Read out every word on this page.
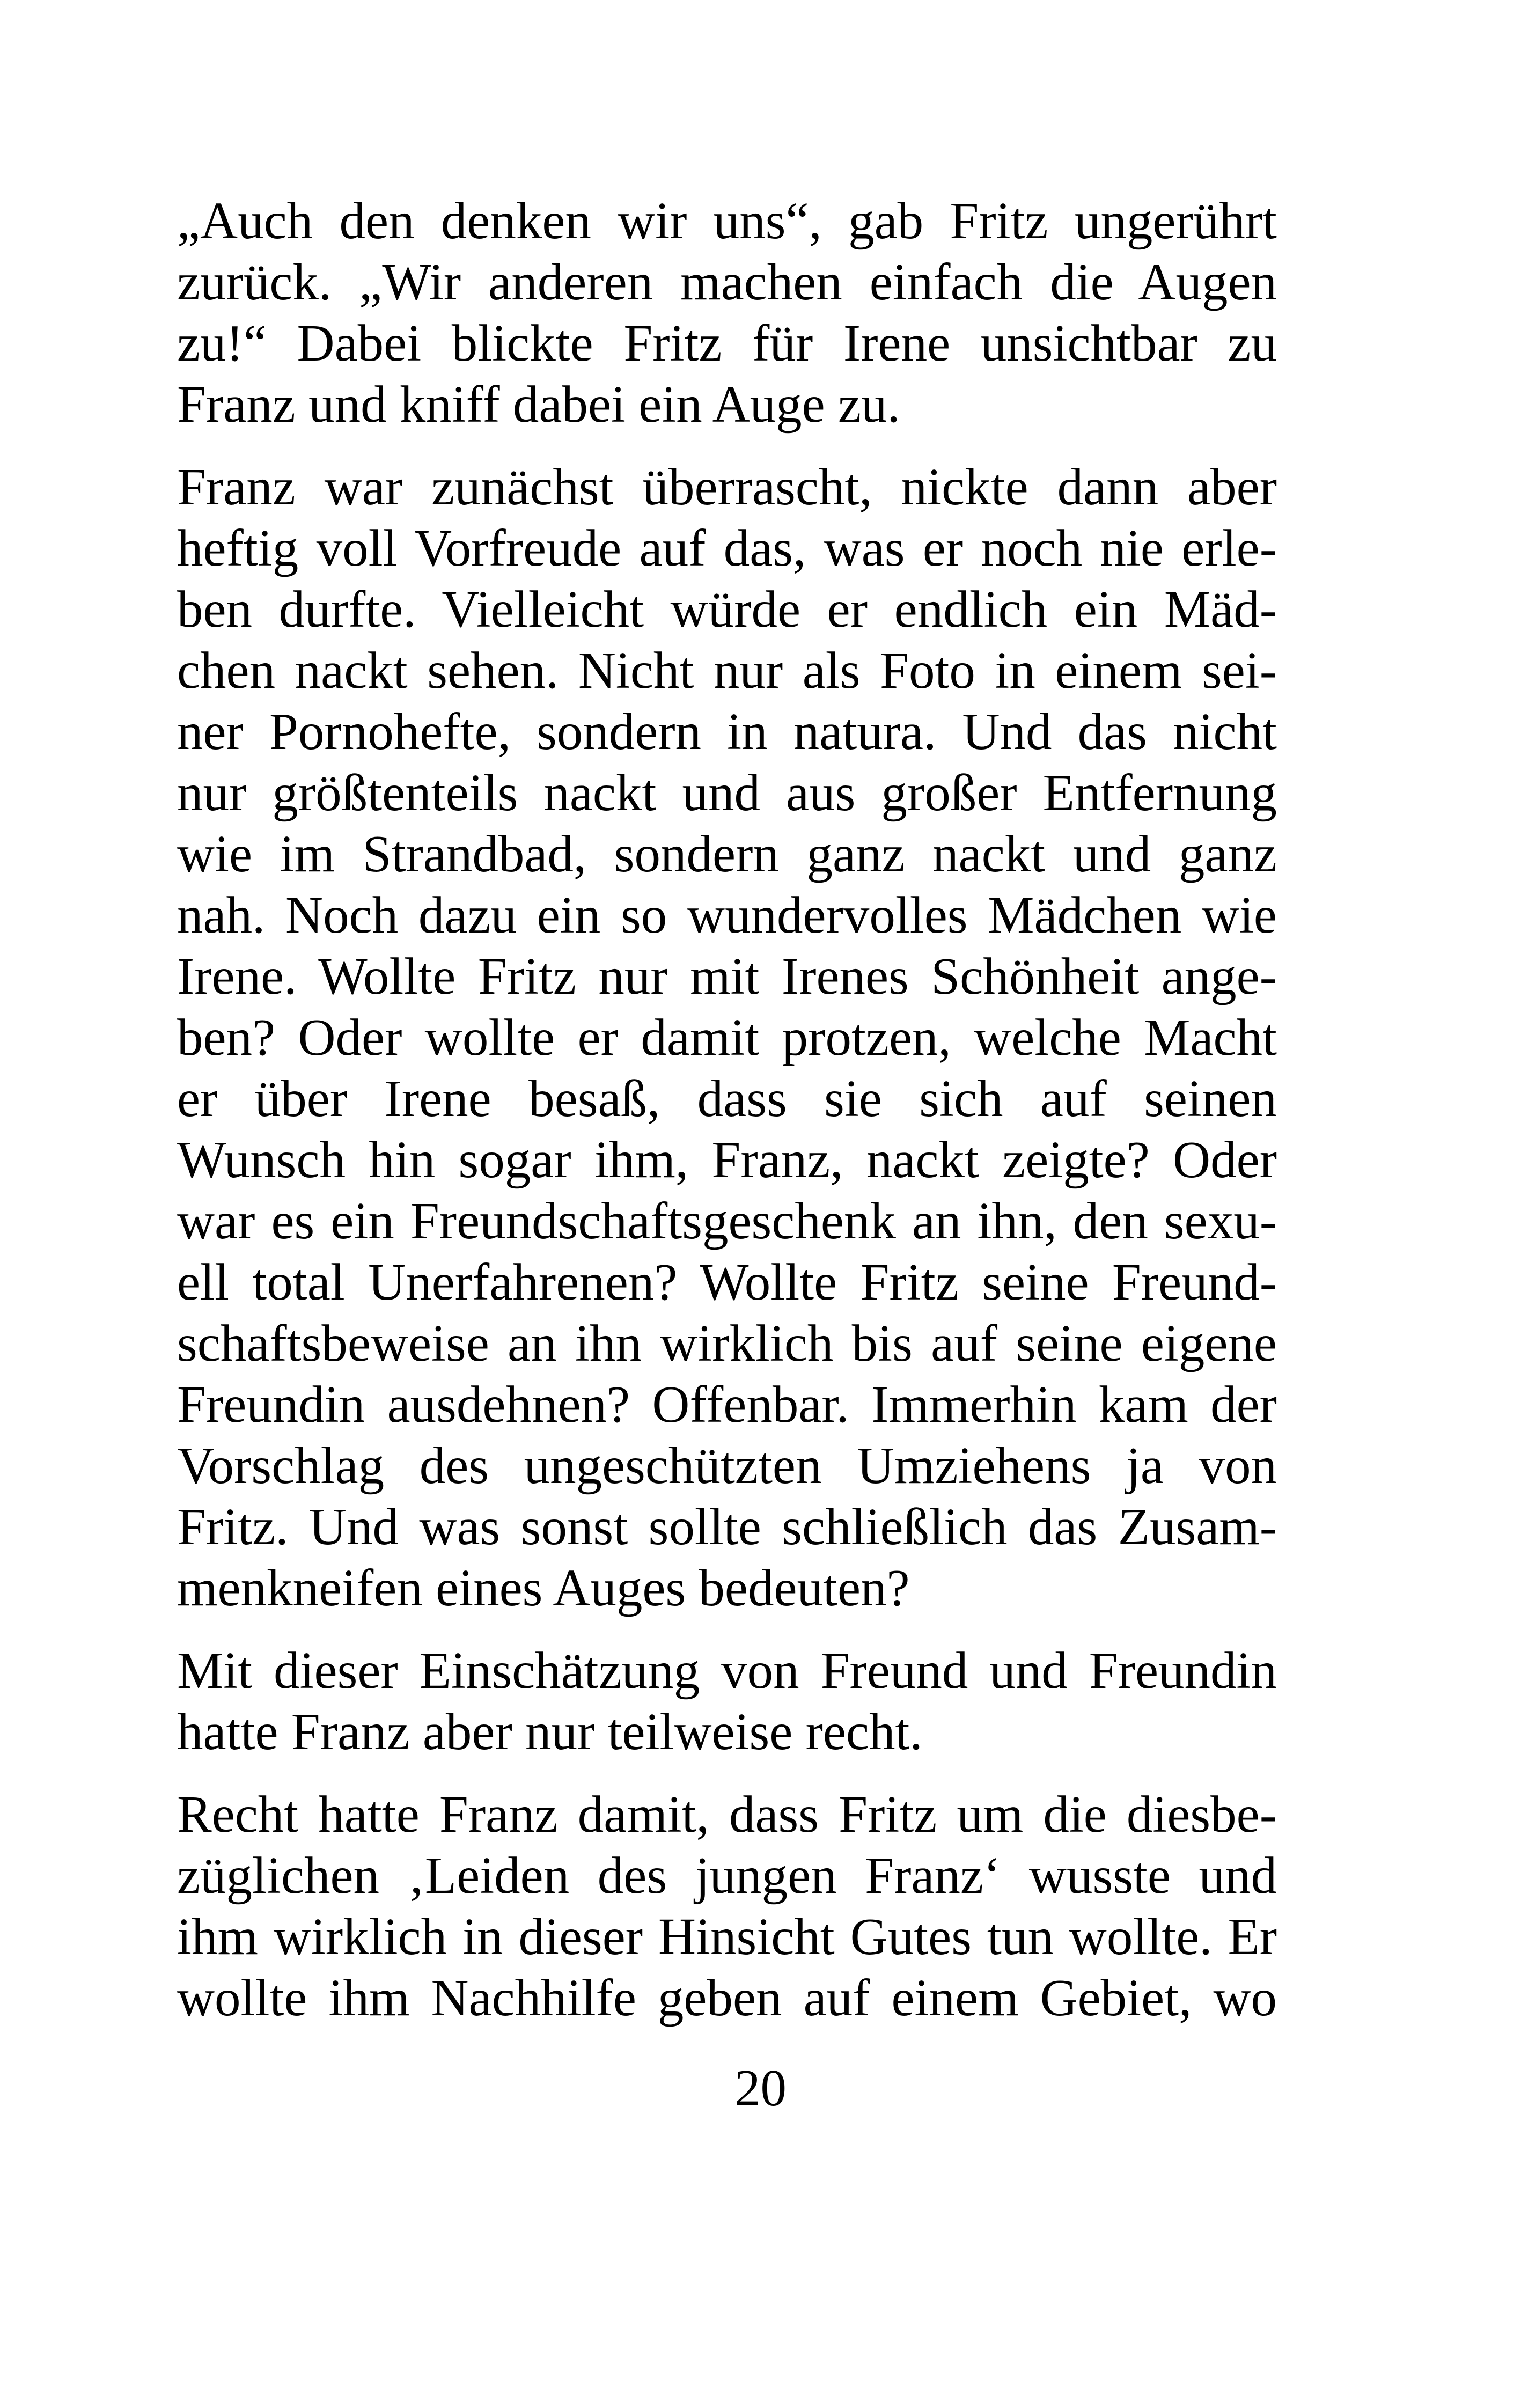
„Auch den denken wir uns“, gab Fritz ungerührt
zurück. „Wir anderen machen einfach die Augen
zu!“ Dabei blickte Fritz für Irene unsichtbar zu
Franz und kniff dabei ein Auge zu.
Franz war zunächst überrascht, nickte dann aber
heftig voll Vorfreude auf das, was er noch nie erle-
ben durfte. Vielleicht würde er endlich ein Mäd-
chen nackt sehen. Nicht nur als Foto in einem sei-
ner Pornohefte, sondern in natura. Und das nicht
nur größtenteils nackt und aus großer Entfernung
wie im Strandbad, sondern ganz nackt und ganz
nah. Noch dazu ein so wundervolles Mädchen wie
Irene. Wollte Fritz nur mit Irenes Schönheit ange-
ben? Oder wollte er damit protzen, welche Macht
er über Irene besaß, dass sie sich auf seinen
Wunsch hin sogar ihm, Franz, nackt zeigte? Oder
war es ein Freundschaftsgeschenk an ihn, den sexu-
ell total Unerfahrenen? Wollte Fritz seine Freund-
schaftsbeweise an ihn wirklich bis auf seine eigene
Freundin ausdehnen? Offenbar. Immerhin kam der
Vorschlag des ungeschützten Umziehens ja von
Fritz. Und was sonst sollte schließlich das Zusam-
menkneifen eines Auges bedeuten?
Mit dieser Einschätzung von Freund und Freundin
hatte Franz aber nur teilweise recht.
Recht hatte Franz damit, dass Fritz um die diesbe-
züglichen ‚Leiden des jungen Franz‘ wusste und
ihm wirklich in dieser Hinsicht Gutes tun wollte. Er
wollte ihm Nachhilfe geben auf einem Gebiet, wo
20
